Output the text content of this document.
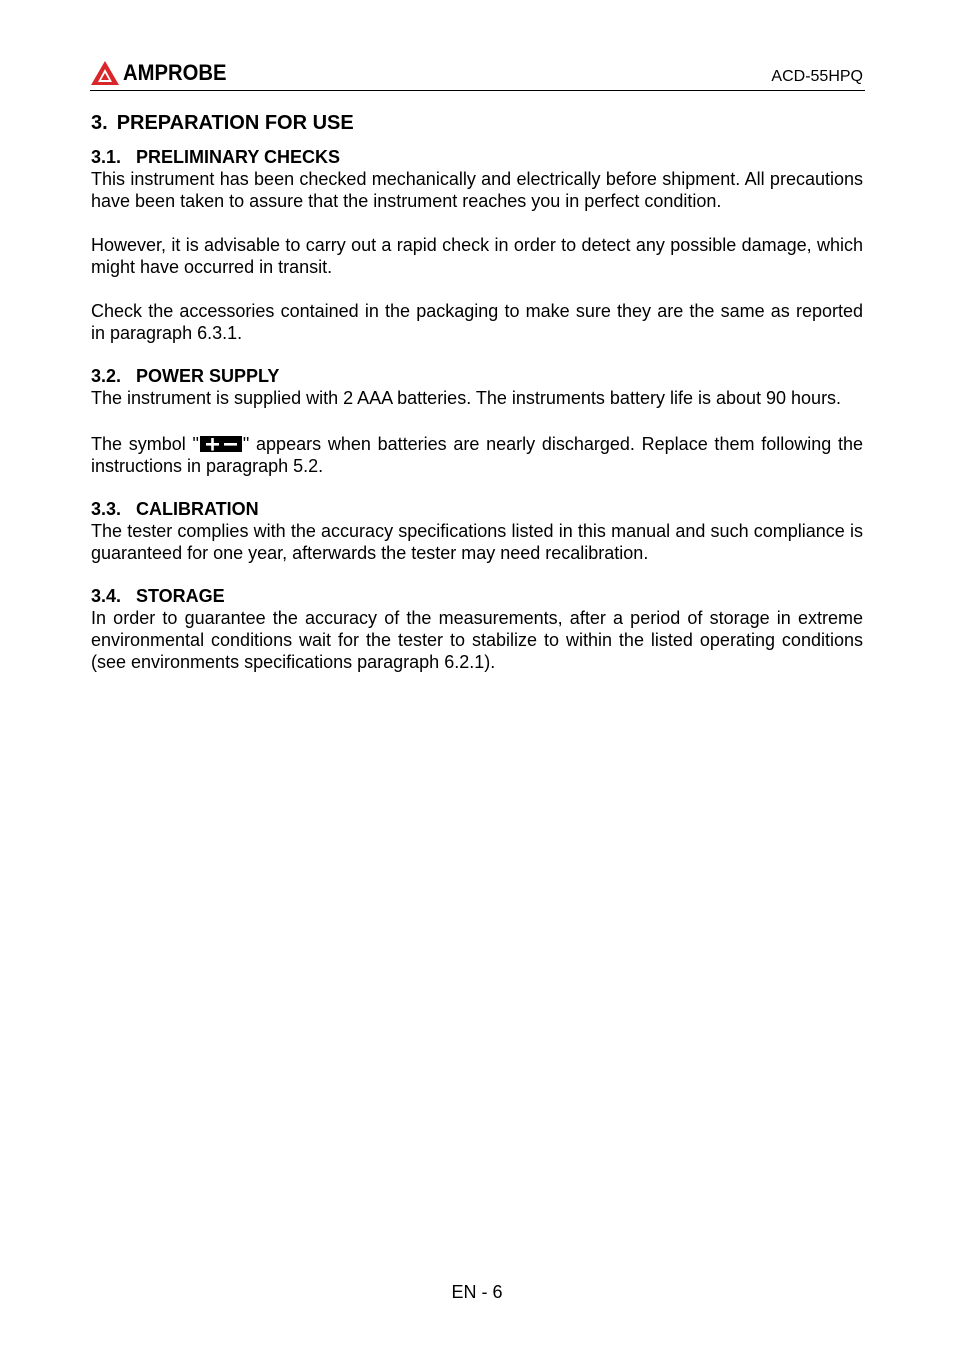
AMPROBE	ACD-55HPQ
3. PREPARATION FOR USE
3.1. PRELIMINARY CHECKS

This instrument has been checked mechanically and electrically before shipment. All precautions have been taken to assure that the instrument reaches you in perfect condition.

However, it is advisable to carry out a rapid check in order to detect any possible damage, which might have occurred in transit.

Check the accessories contained in the packaging to make sure they are the same as reported in paragraph 6.3.1.

3.2. POWER SUPPLY

The instrument is supplied with 2 AAA batteries. The instruments battery life is about 90 hours.

The symbol " " appears when batteries are nearly discharged. Replace them following the instructions in paragraph 5.2.

3.3. CALIBRATION

The tester complies with the accuracy specifications listed in this manual and such compliance is guaranteed for one year, afterwards the tester may need recalibration.

3.4. STORAGE

In order to guarantee the accuracy of the measurements, after a period of storage in extreme environmental conditions wait for the tester to stabilize to within the listed operating conditions (see environments specifications paragraph 6.2.1).

EN - 6
